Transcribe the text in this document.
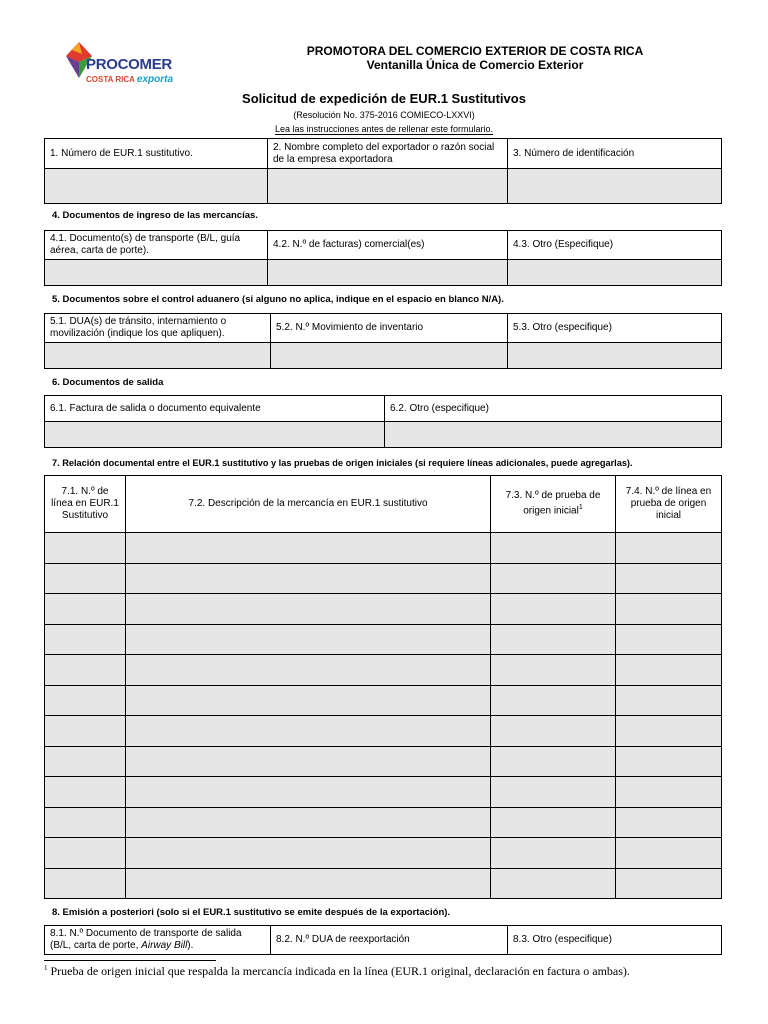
PROCOMER
COSTA RICA exporta
PROMOTORA DEL COMERCIO EXTERIOR DE COSTA RICA
Ventanilla Única de Comercio Exterior
Solicitud de expedición de EUR.1 Sustitutivos
(Resolución No. 375-2016 COMIECO-LXXVI)
Lea las instrucciones antes de rellenar este formulario.
1. Número de EUR.1 sustitutivo.	2. Nombre completo del exportador o razón social de la empresa exportadora	3. Número de identificación

4. Documentos de ingreso de las mercancías.
4.1. Documento(s) de transporte (B/L, guía aérea, carta de porte).	4.2. N.º de facturas) comercial(es)	4.3. Otro (Especifique)

5. Documentos sobre el control aduanero (si alguno no aplica, indique en el espacio en blanco N/A).
5.1. DUA(s) de tránsito, internamiento o movilización (indique los que apliquen).	5.2. N.º Movimiento de inventario	5.3. Otro (especifique)

6. Documentos de salida
6.1. Factura de salida o documento equivalente	6.2. Otro (especifique)

7. Relación documental entre el EUR.1 sustitutivo y las pruebas de origen iniciales (si requiere líneas adicionales, puede agregarlas).
7.1. N.º de línea en EUR.1 Sustitutivo	7.2. Descripción de la mercancía en EUR.1 sustitutivo	7.3. N.º de prueba de origen inicial$^1$	7.4. N.º de línea en prueba de origen inicial

8. Emisión a posteriori (solo si el EUR.1 sustitutivo se emite después de la exportación).
8.1. N.º Documento de transporte de salida (B/L, carta de porte, Airway Bill).	8.2. N.º DUA de reexportación	8.3. Otro (especifique)
$^1$ Prueba de origen inicial que respalda la mercancía indicada en la línea (EUR.1 original, declaración en factura o ambas).
